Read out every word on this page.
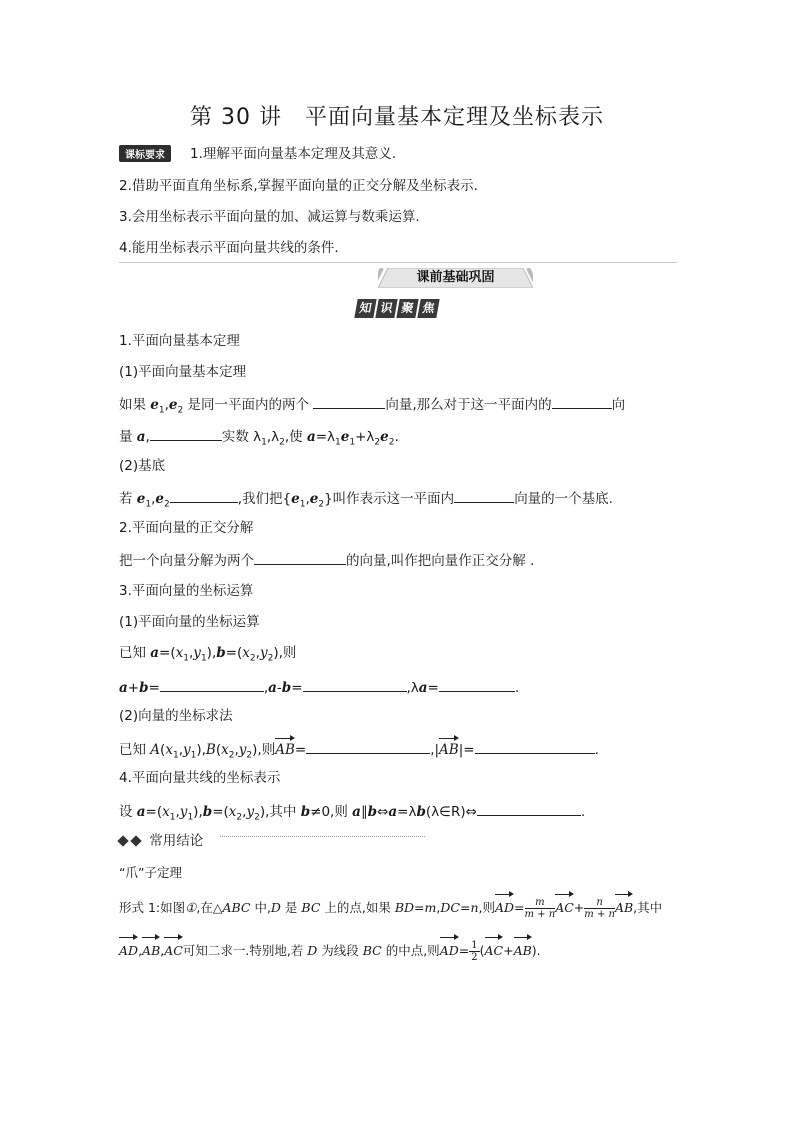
第 30 讲　平面向量基本定理及坐标表示
课标要求	1.理解平面向量基本定理及其意义.
2.借助平面直角坐标系,掌握平面向量的正交分解及坐标表示.
3.会用坐标表示平面向量的加、减运算与数乘运算.
4.能用坐标表示平面向量共线的条件.
课前基础巩固
知 识 聚 焦
1.平面向量基本定理
(1)平面向量基本定理
如果 $e_1,e_2$ 是同一平面内的两个	向量,那么对于这一平面内的	向
量 a,	实数 $\lambda_1,\lambda_2$,使 $a=\lambda_1e_1+\lambda_2e_2$.
(2)基底
若 $e_1,e_2$	,我们把$\{e_1,e_2\}$叫作表示这一平面内	向量的一个基底.
2.平面向量的正交分解
把一个向量分解为两个	的向量,叫作把向量作正交分解 .
3.平面向量的坐标运算
(1)平面向量的坐标运算
已知 $a=(x_1,y_1),b=(x_2,y_2)$,则
a+b=	,a-b=	,λa=	.
(2)向量的坐标求法
已知 $A(x_1,y_1),B(x_2,y_2)$,则AB=	,|AB|=	.
4.平面向量共线的坐标表示
设 $a=(x_1,y_1),b=(x_2,y_2)$,其中 b≠0,则 a∥b⇔a=λb(λ∈R)⇔	.
常用结论
“爪”子定理
形式 1:如图①,在△ABC 中,D 是 BC 上的点,如果 BD=m,DC=n,则$AD= \frac{m}{m + n} AC+ \frac{n}{m + n}$ AB,其中
AD,AB,AC可知二求一.特别地,若 D 为线段 BC 的中点,则$AD= \frac{1}{2} (AC+AB)$.
